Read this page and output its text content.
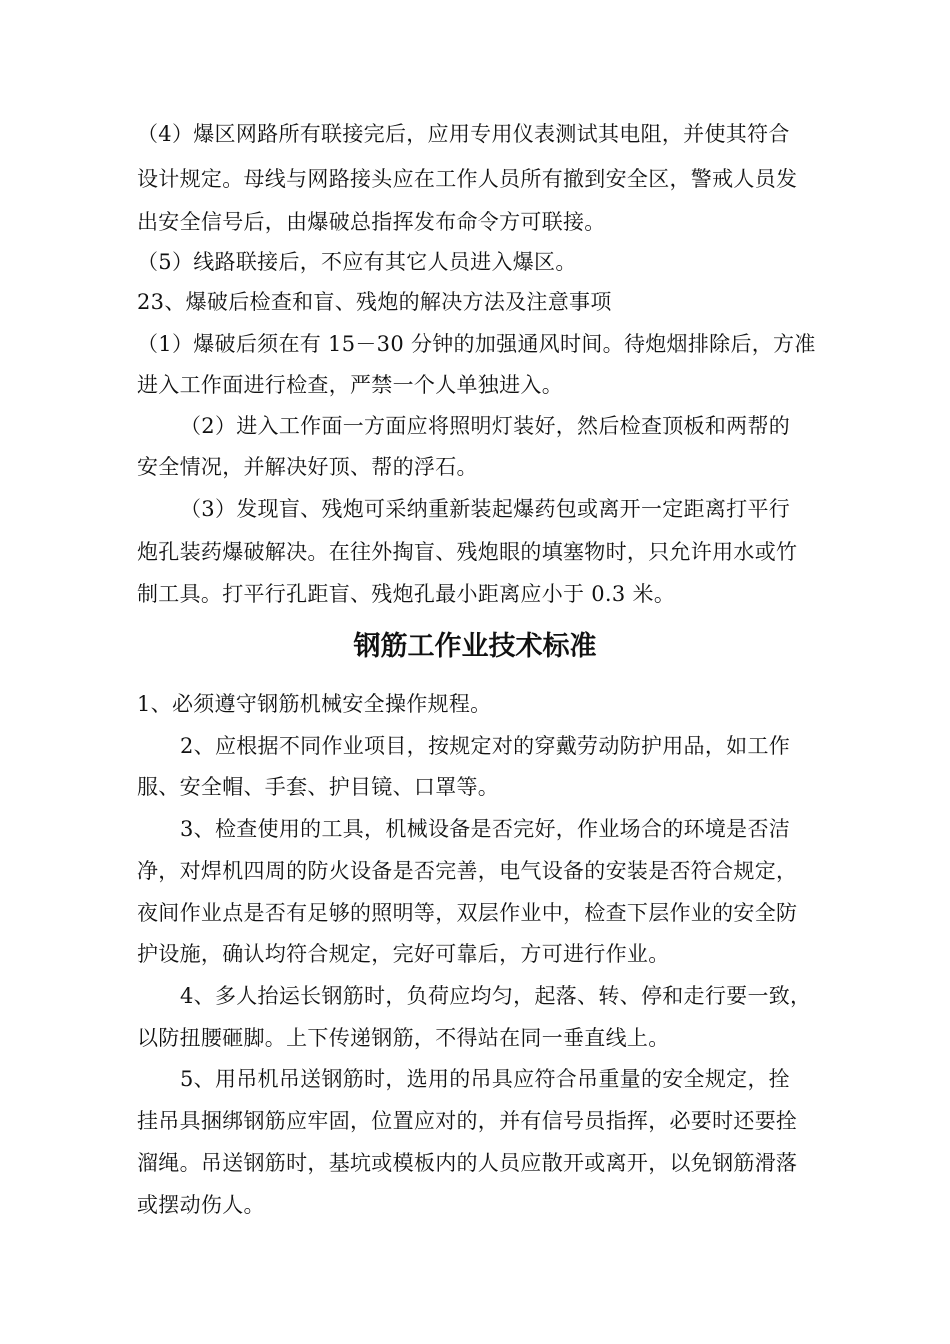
（4）爆区网路所有联接完后，应用专用仪表测试其电阻，并使其符合
设计规定。母线与网路接头应在工作人员所有撤到安全区，警戒人员发
出安全信号后，由爆破总指挥发布命令方可联接。
（5）线路联接后，不应有其它人员进入爆区。
23、爆破后检查和盲、残炮的解决方法及注意事项
（1）爆破后须在有 15－30 分钟的加强通风时间。待炮烟排除后，方准
进入工作面进行检查，严禁一个人单独进入。
（2）进入工作面一方面应将照明灯装好，然后检查顶板和两帮的
安全情况，并解决好顶、帮的浮石。
（3）发现盲、残炮可采纳重新装起爆药包或离开一定距离打平行
炮孔装药爆破解决。在往外掏盲、残炮眼的填塞物时，只允许用水或竹
制工具。打平行孔距盲、残炮孔最小距离应小于 0.3 米。
钢筋工作业技术标准
1、必须遵守钢筋机械安全操作规程。
2、应根据不同作业项目，按规定对的穿戴劳动防护用品，如工作
服、安全帽、手套、护目镜、口罩等。
3、检查使用的工具，机械设备是否完好，作业场合的环境是否洁
净，对焊机四周的防火设备是否完善，电气设备的安装是否符合规定，
夜间作业点是否有足够的照明等，双层作业中，检查下层作业的安全防
护设施，确认均符合规定，完好可靠后，方可进行作业。
4、多人抬运长钢筋时，负荷应均匀，起落、转、停和走行要一致，
以防扭腰砸脚。上下传递钢筋，不得站在同一垂直线上。
5、用吊机吊送钢筋时，选用的吊具应符合吊重量的安全规定，拴
挂吊具捆绑钢筋应牢固，位置应对的，并有信号员指挥，必要时还要拴
溜绳。吊送钢筋时，基坑或模板内的人员应散开或离开，以免钢筋滑落
或摆动伤人。
